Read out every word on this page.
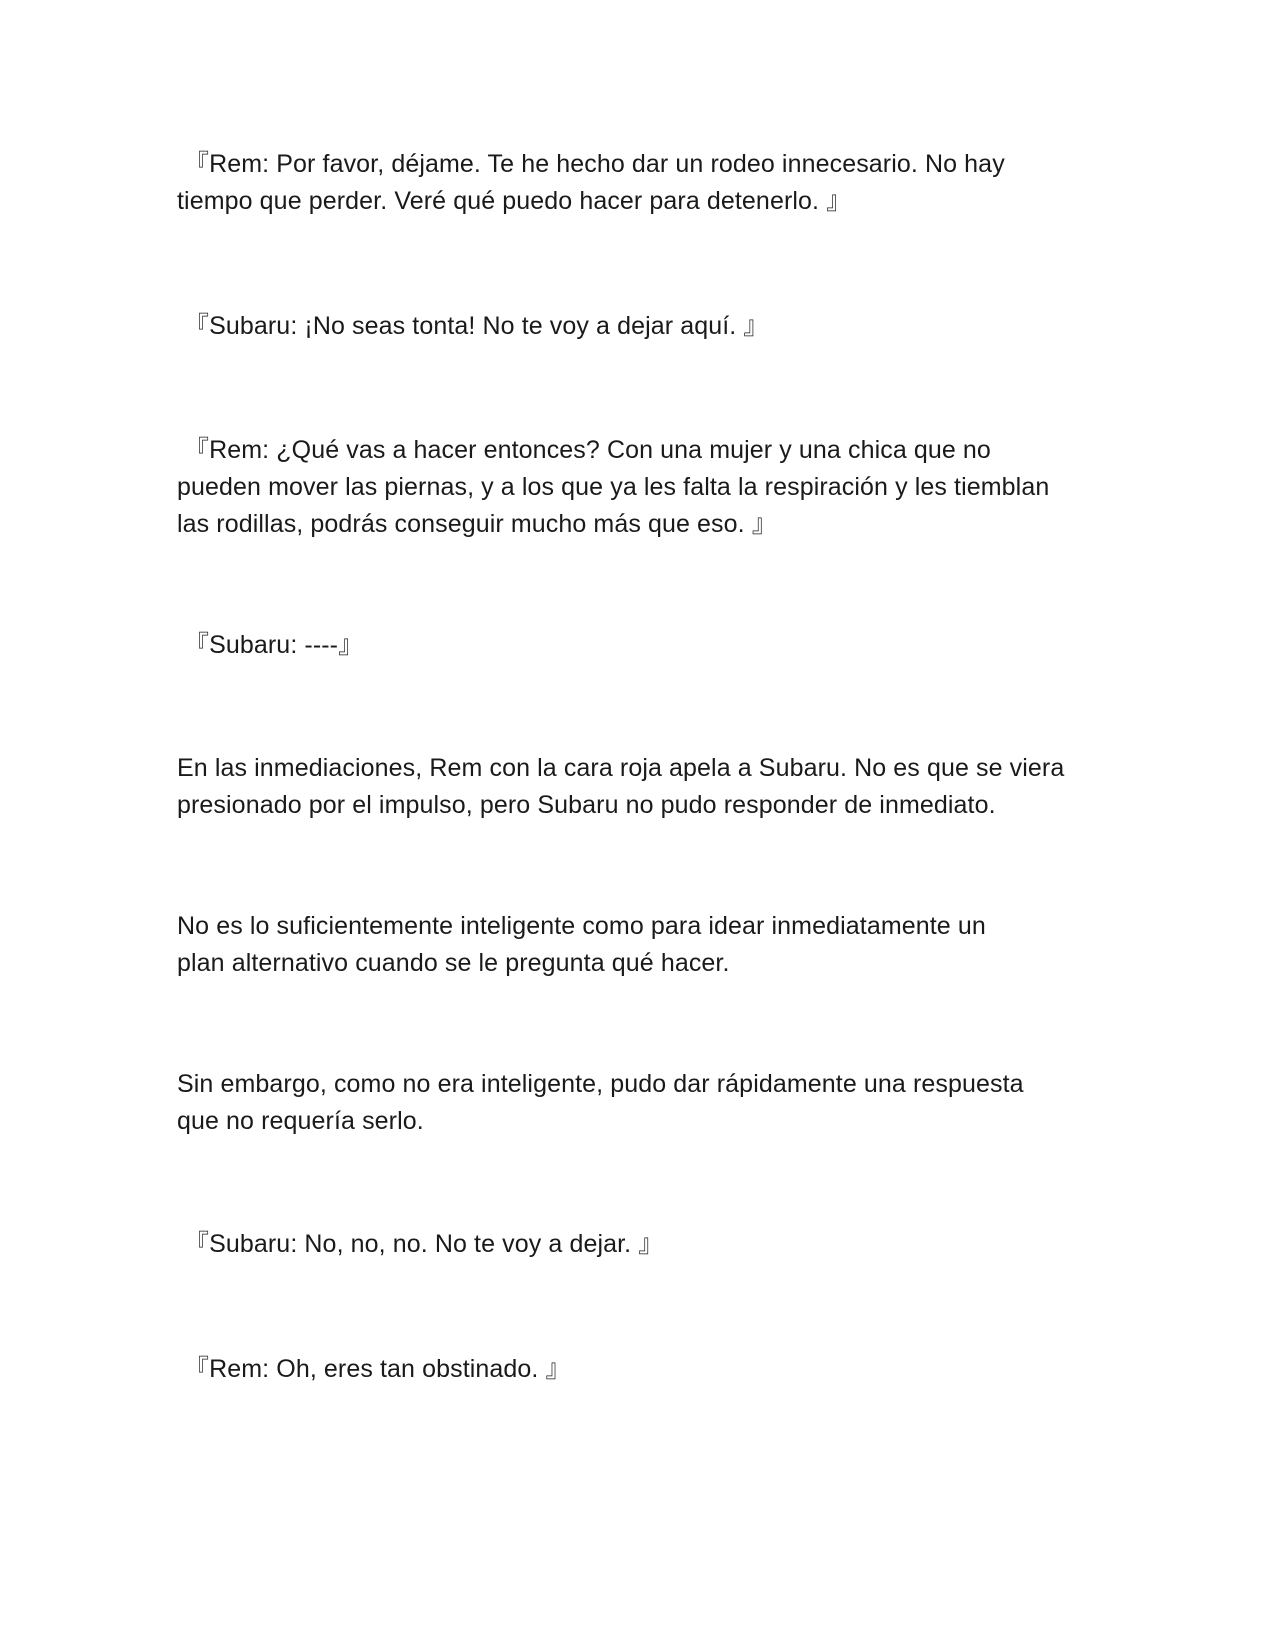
『Rem: Por favor, déjame. Te he hecho dar un rodeo innecesario. No hay
tiempo que perder. Veré qué puedo hacer para detenerlo. 』

『Subaru: ¡No seas tonta! No te voy a dejar aquí. 』

『Rem: ¿Qué vas a hacer entonces? Con una mujer y una chica que no
pueden mover las piernas, y a los que ya les falta la respiración y les tiemblan
las rodillas, podrás conseguir mucho más que eso. 』

『Subaru: ----』

En las inmediaciones, Rem con la cara roja apela a Subaru. No es que se viera
presionado por el impulso, pero Subaru no pudo responder de inmediato.

No es lo suficientemente inteligente como para idear inmediatamente un
plan alternativo cuando se le pregunta qué hacer.

Sin embargo, como no era inteligente, pudo dar rápidamente una respuesta
que no requería serlo.

『Subaru: No, no, no. No te voy a dejar. 』

『Rem: Oh, eres tan obstinado. 』
